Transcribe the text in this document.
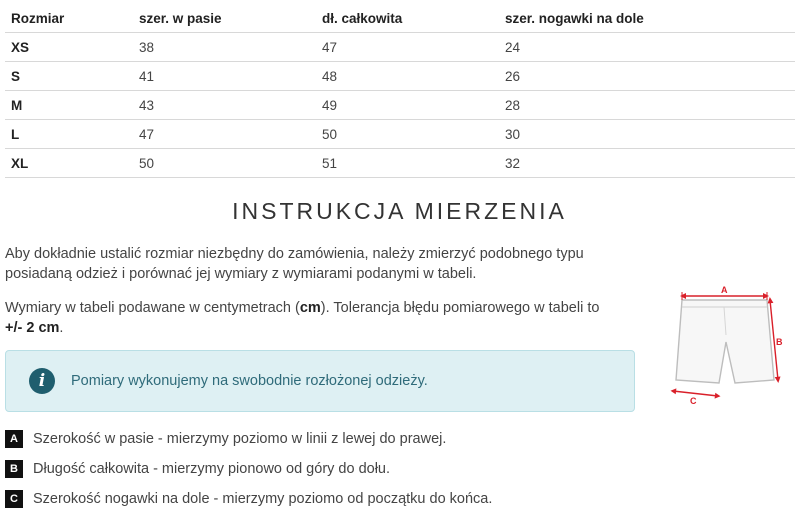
Rozmiar	szer. w pasie	dł. całkowita	szer. nogawki na dole
XS	38	47	24
S	41	48	26
M	43	49	28
L	47	50	30
XL	50	51	32
INSTRUKCJA MIERZENIA

Aby dokładnie ustalić rozmiar niezbędny do zamówienia, należy zmierzyć podobnego typu posiadaną odzież i porównać jej wymiary z wymiarami podanymi w tabeli.

Wymiary w tabeli podawane w centymetrach (cm). Tolerancja błędu pomiarowego w tabeli to +/- 2 cm.

i	Pomiary wykonujemy na swobodnie rozłożonej odzieży.
A	Szerokość w pasie - mierzymy poziomo w linii z lewej do prawej.
B	Długość całkowita - mierzymy pionowo od góry do dołu.
C	Szerokość nogawki na dole - mierzymy poziomo od początku do końca.
A
B
C
